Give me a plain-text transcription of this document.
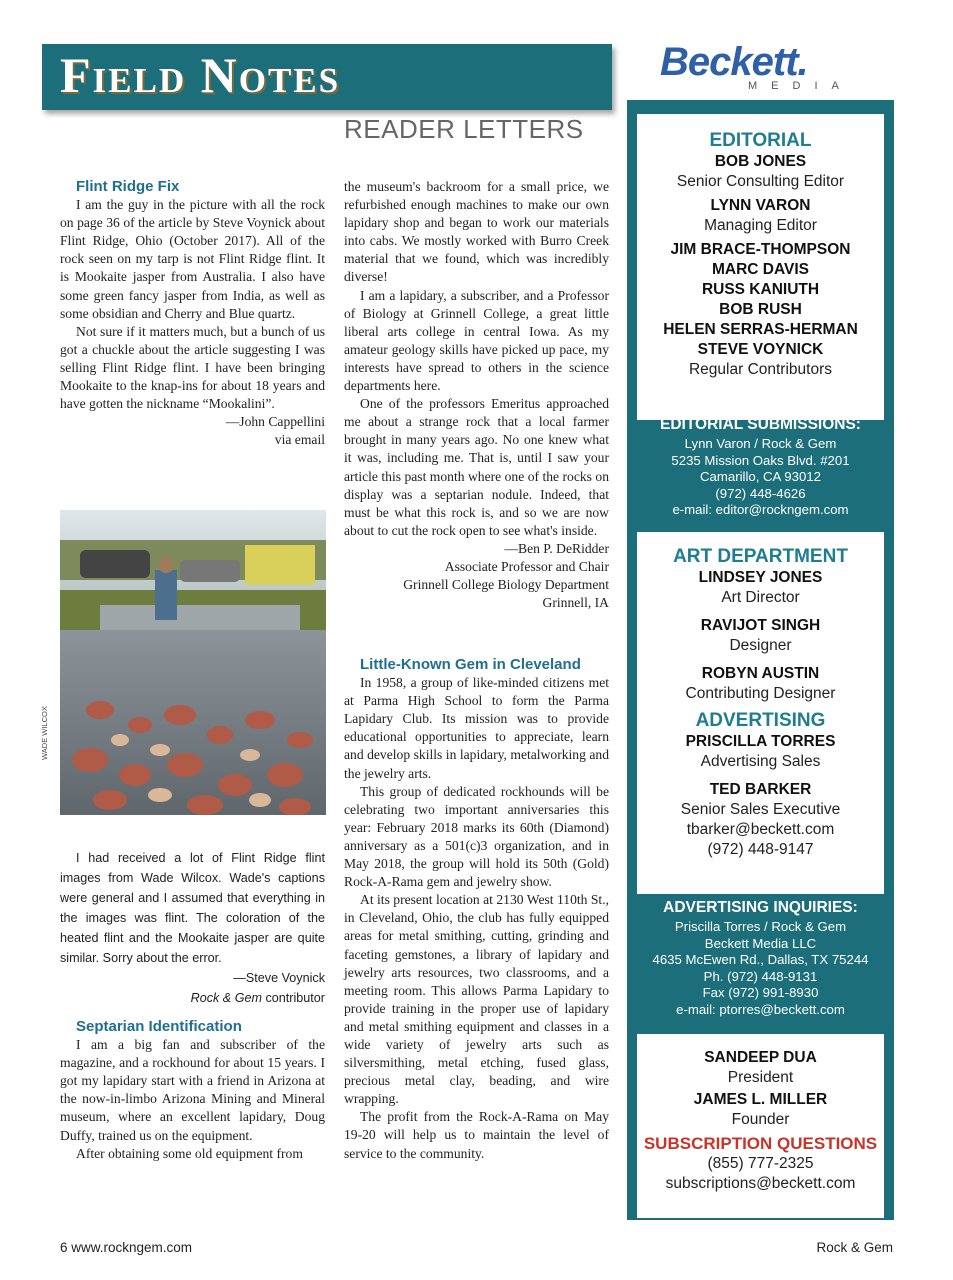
Field Notes	Beckett.
MEDIA
READER LETTERS

Flint Ridge Fix

I am the guy in the picture with all the rock on page 36 of the article by Steve Voynick about Flint Ridge, Ohio (October 2017). All of the rock seen on my tarp is not Flint Ridge flint. It is Mookaite jasper from Australia. I also have some green fancy jasper from India, as well as some obsidian and Cherry and Blue quartz.

Not sure if it matters much, but a bunch of us got a chuckle about the article suggesting I was selling Flint Ridge flint. I have been bringing Mookaite to the knap-ins for about 18 years and have gotten the nickname “Mookalini”.

—John Cappellini

via email

WADE WILCOX

I had received a lot of Flint Ridge flint images from Wade Wilcox. Wade's captions were general and I assumed that everything in the images was flint. The coloration of the heated flint and the Mookaite jasper are quite similar. Sorry about the error.

—Steve Voynick

Rock & Gem contributor

Septarian Identification

I am a big fan and subscriber of the magazine, and a rockhound for about 15 years. I got my lapidary start with a friend in Arizona at the now-in-limbo Arizona Mining and Mineral museum, where an excellent lapidary, Doug Duffy, trained us on the equipment.

After obtaining some old equipment from

the museum's backroom for a small price, we refurbished enough machines to make our own lapidary shop and began to work our materials into cabs. We mostly worked with Burro Creek material that we found, which was incredibly diverse!

I am a lapidary, a subscriber, and a Professor of Biology at Grinnell College, a great little liberal arts college in central Iowa. As my amateur geology skills have picked up pace, my interests have spread to others in the science departments here.

One of the professors Emeritus approached me about a strange rock that a local farmer brought in many years ago. No one knew what it was, including me. That is, until I saw your article this past month where one of the rocks on display was a septarian nodule. Indeed, that must be what this rock is, and so we are now about to cut the rock open to see what's inside.

—Ben P. DeRidder

Associate Professor and Chair

Grinnell College Biology Department

Grinnell, IA

Little-Known Gem in Cleveland

In 1958, a group of like-minded citizens met at Parma High School to form the Parma Lapidary Club. Its mission was to provide educational opportunities to appreciate, learn and develop skills in lapidary, metalworking and the jewelry arts.

This group of dedicated rockhounds will be celebrating two important anniversaries this year: February 2018 marks its 60th (Diamond) anniversary as a 501(c)3 organization, and in May 2018, the group will hold its 50th (Gold) Rock-A-Rama gem and jewelry show.

At its present location at 2130 West 110th St., in Cleveland, Ohio, the club has fully equipped areas for metal smithing, cutting, grinding and faceting gemstones, a library of lapidary and jewelry arts resources, two classrooms, and a meeting room. This allows Parma Lapidary to provide training in the proper use of lapidary and metal smithing equipment and classes in a wide variety of jewelry arts such as silversmithing, metal etching, fused glass, precious metal clay, beading, and wire wrapping.

The profit from the Rock-A-Rama on May 19-20 will help us to maintain the level of service to the community.

EDITORIAL

BOB JONES

Senior Consulting Editor

LYNN VARON

Managing Editor

JIM BRACE-THOMPSON

MARC DAVIS

RUSS KANIUTH

BOB RUSH

HELEN SERRAS-HERMAN

STEVE VOYNICK

Regular Contributors

EDITORIAL SUBMISSIONS:

Lynn Varon / Rock & Gem

5235 Mission Oaks Blvd. #201

Camarillo, CA 93012

(972) 448-4626

e-mail: editor@rockngem.com

ART DEPARTMENT

LINDSEY JONES

Art Director

RAVIJOT SINGH

Designer

ROBYN AUSTIN

Contributing Designer

ADVERTISING

PRISCILLA TORRES

Advertising Sales

TED BARKER

Senior Sales Executive

tbarker@beckett.com

(972) 448-9147

ADVERTISING INQUIRIES:

Priscilla Torres / Rock & Gem

Beckett Media LLC

4635 McEwen Rd., Dallas, TX 75244

Ph. (972) 448-9131

Fax (972) 991-8930

e-mail: ptorres@beckett.com

SANDEEP DUA

President

JAMES L. MILLER

Founder

SUBSCRIPTION QUESTIONS

(855) 777-2325

subscriptions@beckett.com

6 www.rockngem.com	Rock & Gem
